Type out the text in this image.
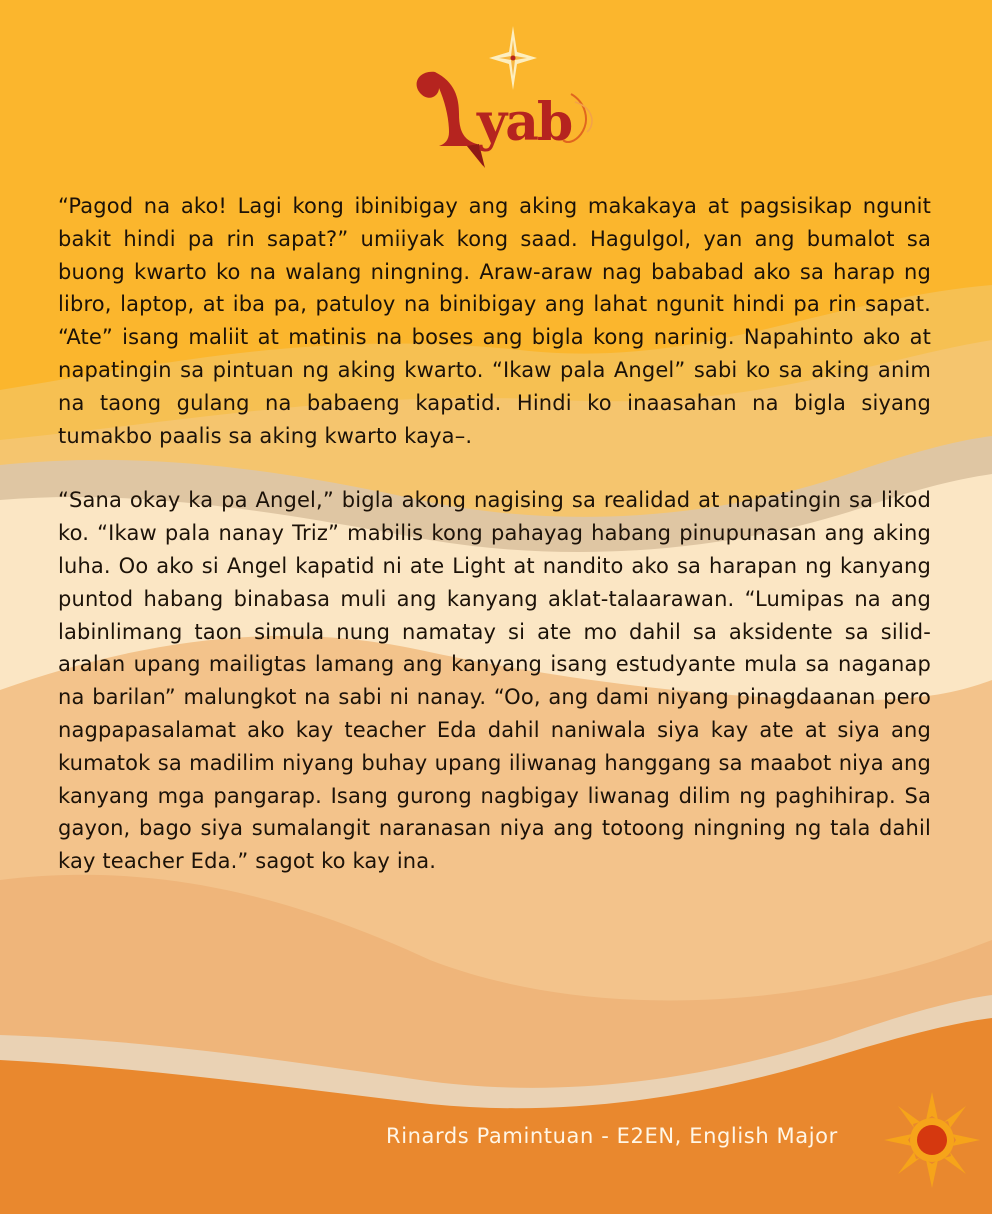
yab

“Pagod na ako! Lagi kong ibinibigay ang aking makakaya at pagsisikap ngunit bakit hindi pa rin sapat?” umiiyak kong saad. Hagulgol, yan ang bumalot sa buong kwarto ko na walang ningning. Araw-araw nag bababad ako sa harap ng libro, laptop, at iba pa, patuloy na binibigay ang lahat ngunit hindi pa rin sapat. “Ate” isang maliit at matinis na boses ang bigla kong narinig. Napahinto ako at napatingin sa pintuan ng aking kwarto. “Ikaw pala Angel” sabi ko sa aking anim na taong gulang na babaeng kapatid. Hindi ko inaasahan na bigla siyang tumakbo paalis sa aking kwarto kaya–.

“Sana okay ka pa Angel,” bigla akong nagising sa realidad at napatingin sa likod ko. “Ikaw pala nanay Triz” mabilis kong pahayag habang pinupunasan ang aking luha. Oo ako si Angel kapatid ni ate Light at nandito ako sa harapan ng kanyang puntod habang binabasa muli ang kanyang aklat-talaarawan. “Lumipas na ang labinlimang taon simula nung namatay si ate mo dahil sa aksidente sa silid-aralan upang mailigtas lamang ang kanyang isang estudyante mula sa naganap na barilan” malungkot na sabi ni nanay. “Oo, ang dami niyang pinagdaanan pero nagpapasalamat ako kay teacher Eda dahil naniwala siya kay ate at siya ang kumatok sa madilim niyang buhay upang iliwanag hanggang sa maabot niya ang kanyang mga pangarap. Isang gurong nagbigay liwanag dilim ng paghihirap. Sa gayon, bago siya sumalangit naranasan niya ang totoong ningning ng tala dahil kay teacher Eda.” sagot ko kay ina.

Rinards Pamintuan - E2EN, English Major
